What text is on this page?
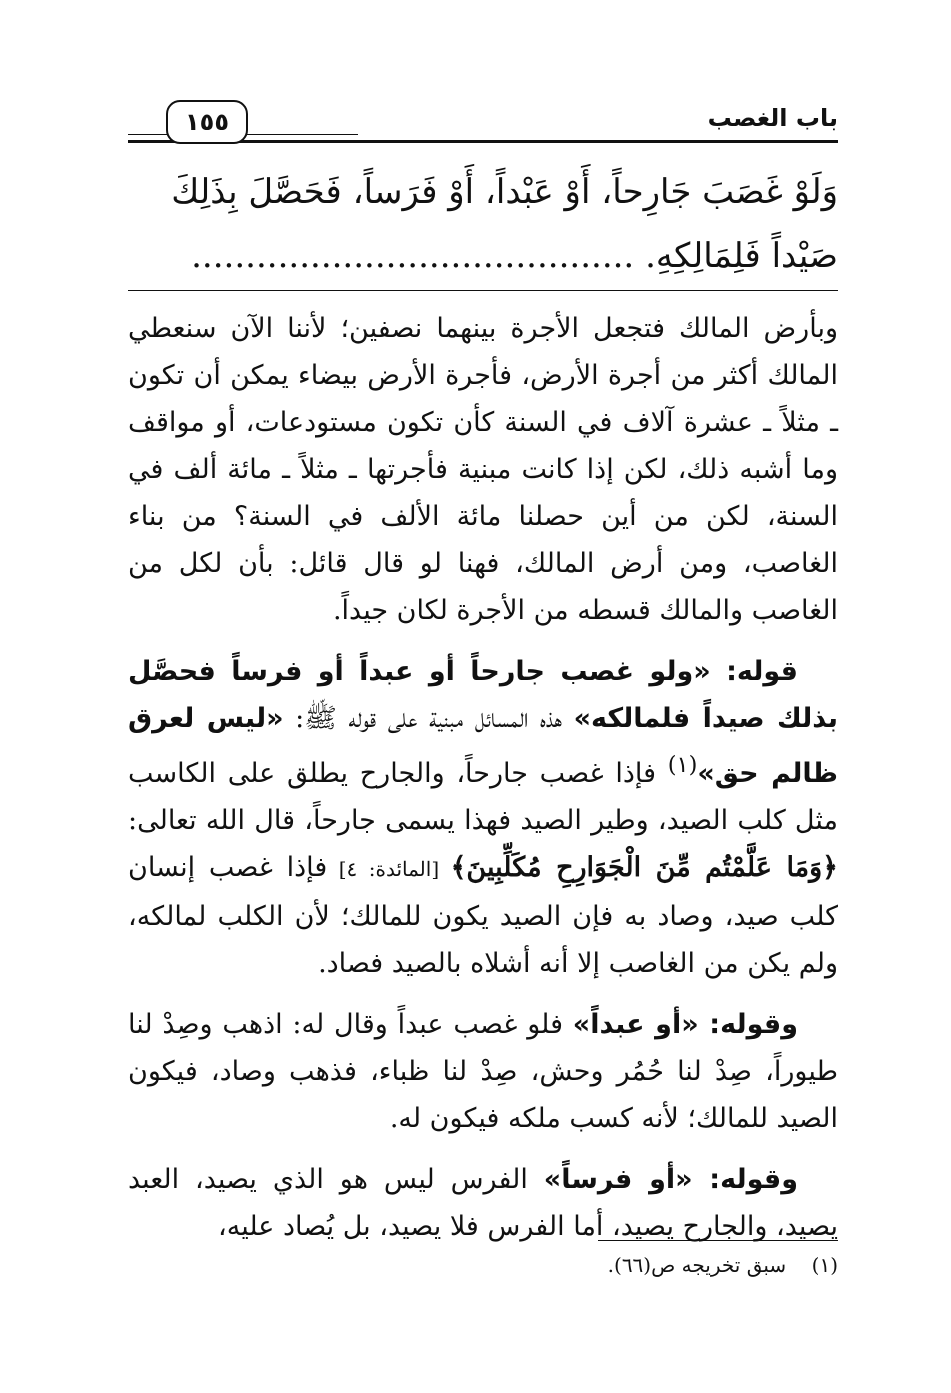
باب الغصب
١٥٥
وَلَوْ غَصَبَ جَارِحاً، أَوْ عَبْداً، أَوْ فَرَساً، فَحَصَّلَ بِذَلِكَ
صَيْداً فَلِمَالِكِهِ. .........................................

وبأرض المالك فتجعل الأجرة بينهما نصفين؛ لأننا الآن سنعطي المالك أكثر من أجرة الأرض، فأجرة الأرض بيضاء يمكن أن تكون ـ مثلاً ـ عشرة آلاف في السنة كأن تكون مستودعات، أو مواقف وما أشبه ذلك، لكن إذا كانت مبنية فأجرتها ـ مثلاً ـ مائة ألف في السنة، لكن من أين حصلنا مائة الألف في السنة؟ من بناء الغاصب، ومن أرض المالك، فهنا لو قال قائل: بأن لكل من الغاصب والمالك قسطه من الأجرة لكان جيداً.

قوله: «ولو غصب جارحاً أو عبداً أو فرساً فحصَّل بذلك صيداً فلمالكه» هذه المسائل مبنية على قوله ﷺ: «ليس لعرق ظالم حق»$^{(١)}$ فإذا غصب جارحاً، والجارح يطلق على الكاسب مثل كلب الصيد، وطير الصيد فهذا يسمى جارحاً، قال الله تعالى: ﴿وَمَا عَلَّمْتُم مِّنَ الْجَوَارِحِ مُكَلِّبِينَ﴾ [المائدة: ٤] فإذا غصب إنسان كلب صيد، وصاد به فإن الصيد يكون للمالك؛ لأن الكلب لمالكه، ولم يكن من الغاصب إلا أنه أشلاه بالصيد فصاد.

وقوله: «أو عبداً» فلو غصب عبداً وقال له: اذهب وصِدْ لنا طيوراً، صِدْ لنا حُمُر وحش، صِدْ لنا ظباء، فذهب وصاد، فيكون الصيد للمالك؛ لأنه كسب ملكه فيكون له.

وقوله: «أو فرساً» الفرس ليس هو الذي يصيد، العبد يصيد، والجارح يصيد، أما الفرس فلا يصيد، بل يُصاد عليه،

(١)    سبق تخريجه ص(٦٦).
